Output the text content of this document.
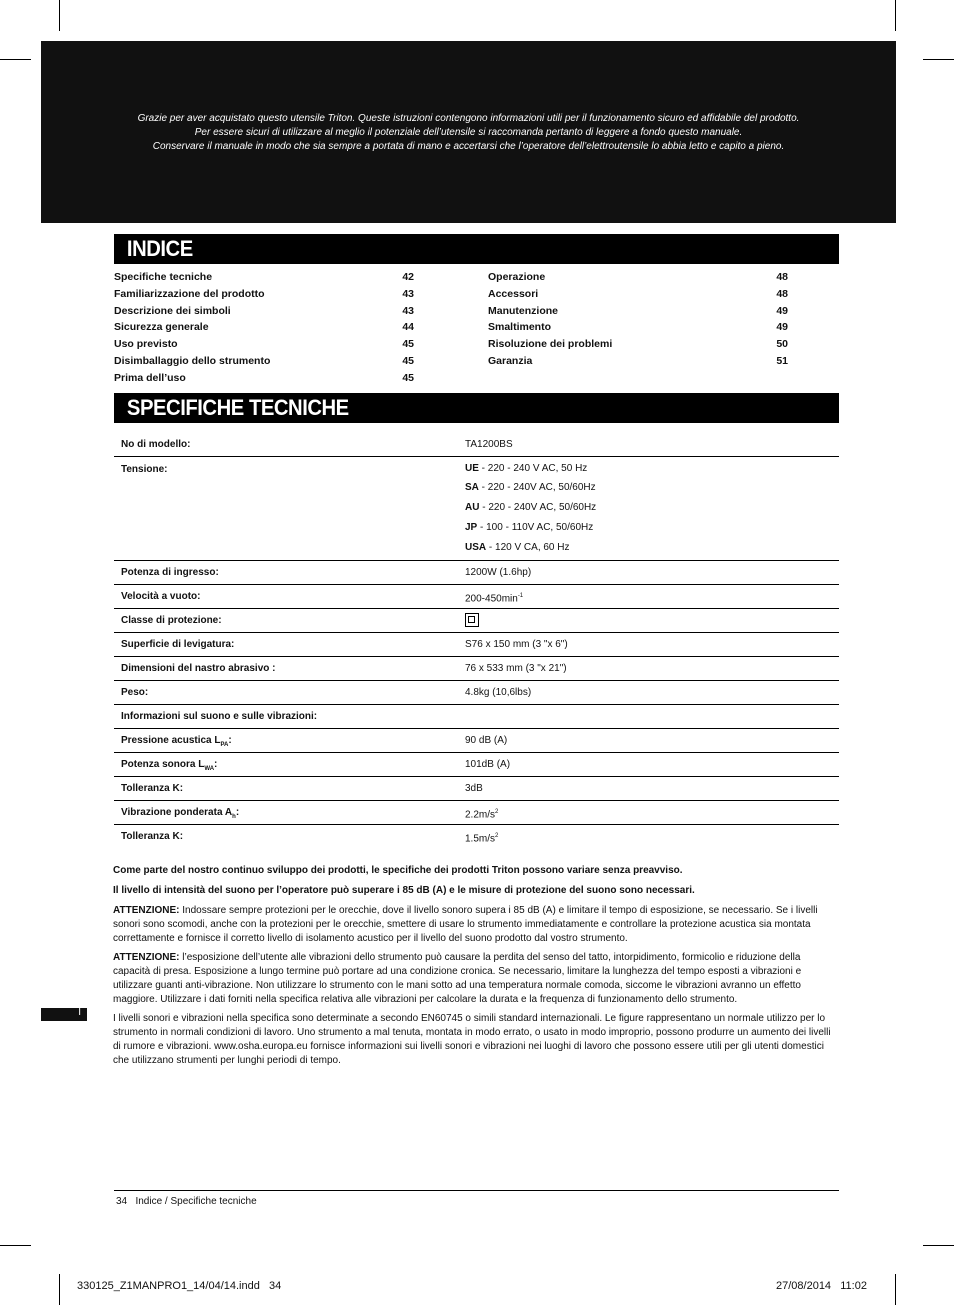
Grazie per aver acquistato questo utensile Triton. Queste istruzioni contengono informazioni utili per il funzionamento sicuro ed affidabile del prodotto.
Per essere sicuri di utilizzare al meglio il potenziale dell’utensile si raccomanda pertanto di leggere a fondo questo manuale.
Conservare il manuale in modo che sia sempre a portata di mano e accertarsi che l’operatore dell’elettroutensile lo abbia letto e capito a pieno.
INDICE
Specifiche tecniche	42
Familiarizzazione del prodotto	43
Descrizione dei simboli	43
Sicurezza generale	44
Uso previsto	45
Disimballaggio dello strumento	45
Prima dell’uso	45
Operazione	48
Accessori	48
Manutenzione	49
Smaltimento	49
Risoluzione dei problemi	50
Garanzia	51
SPECIFICHE TECNICHE
No di modello:	TA1200BS
Tensione:	UE - 220 - 240 V AC, 50 Hz
SA - 220 - 240V AC, 50/60Hz
AU - 220 - 240V AC, 50/60Hz
JP - 100 - 110V AC, 50/60Hz
USA - 120 V CA, 60 Hz
Potenza di ingresso:	1200W (1.6hp)
Velocità a vuoto:	$200-450\min^{-1}$
Classe di protezione:
Superficie di levigatura:	S76 x 150 mm (3 "x 6")
Dimensioni del nastro abrasivo :	76 x 533 mm (3 "x 21")
Peso:	4.8kg (10,6lbs)
Informazioni sul suono e sulle vibrazioni:
Pressione acustica $L_{PA}$:	90 dB (A)
Potenza sonora $L_{WA}$:	101dB (A)
Tolleranza K:	3dB
Vibrazione ponderata $A_h$:	$2.2m/s^2$
Tolleranza K:	$1.5m/s^2$

Come parte del nostro continuo sviluppo dei prodotti, le specifiche dei prodotti Triton possono variare senza preavviso.

Il livello di intensità del suono per l’operatore può superare i 85 dB (A) e le misure di protezione del suono sono necessari.

ATTENZIONE: Indossare sempre protezioni per le orecchie, dove il livello sonoro supera i 85 dB (A) e limitare il tempo di esposizione, se necessario. Se i livelli sonori sono scomodi, anche con la protezioni per le orecchie, smettere di usare lo strumento immediatamente e controllare la protezione acustica sia montata correttamente e fornisce il corretto livello di isolamento acustico per il livello del suono prodotto dal vostro strumento.

ATTENZIONE: l’esposizione dell’utente alle vibrazioni dello strumento può causare la perdita del senso del tatto, intorpidimento, formicolio e riduzione della capacità di presa. Esposizione a lungo termine può portare ad una condizione cronica. Se necessario, limitare la lunghezza del tempo esposti a vibrazioni e utilizzare guanti anti-vibrazione. Non utilizzare lo strumento con le mani sotto ad una temperatura normale comoda, siccome le vibrazioni avranno un effetto maggiore. Utilizzare i dati forniti nella specifica relativa alle vibrazioni per calcolare la durata e la frequenza di funzionamento dello strumento.

I livelli sonori e vibrazioni nella specifica sono determinate a secondo EN60745 o simili standard internazionali. Le figure rappresentano un normale utilizzo per lo strumento in normali condizioni di lavoro. Uno strumento a mal tenuta, montata in modo errato, o usato in modo improprio, possono produrre un aumento dei livelli di rumore e vibrazioni. www.osha.europa.eu fornisce informazioni sui livelli sonori e vibrazioni nei luoghi di lavoro che possono essere utili per gli utenti domestici che utilizzano strumenti per lunghi periodi di tempo.

I
34 Indice / Specifiche tecniche
330125_Z1MANPRO1_14/04/14.indd   34	27/08/2014   11:02
